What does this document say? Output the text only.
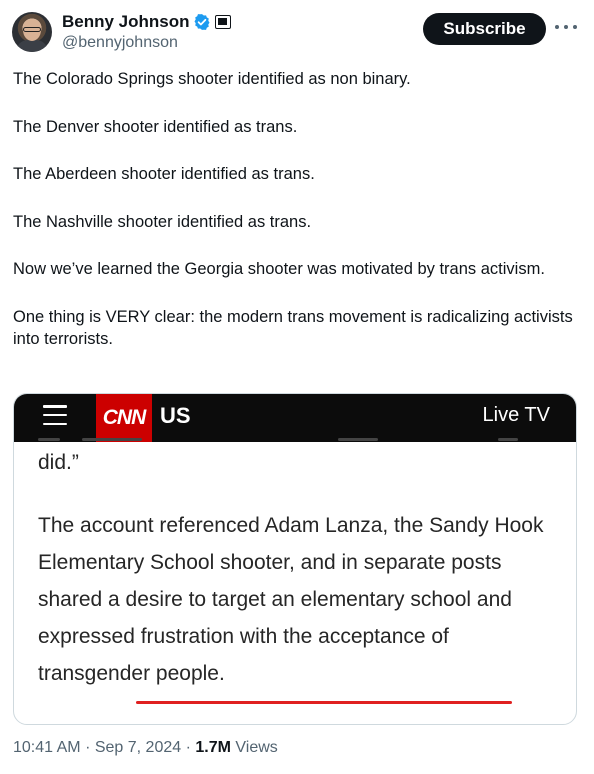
Benny Johnson
@bennyjohnson
Subscribe

The Colorado Springs shooter identified as non binary.

The Denver shooter identified as trans.

The Aberdeen shooter identified as trans.

The Nashville shooter identified as trans.

Now we’ve learned the Georgia shooter was motivated by trans activism.

One thing is VERY clear: the modern trans movement is radicalizing activists into terrorists.

CNN US	Live TV
did.”
The account referenced Adam Lanza, the Sandy Hook Elementary School shooter, and in separate posts shared a desire to target an elementary school and expressed frustration with the acceptance of transgender people.
10:41 AM · Sep 7, 2024 · 1.7M Views
